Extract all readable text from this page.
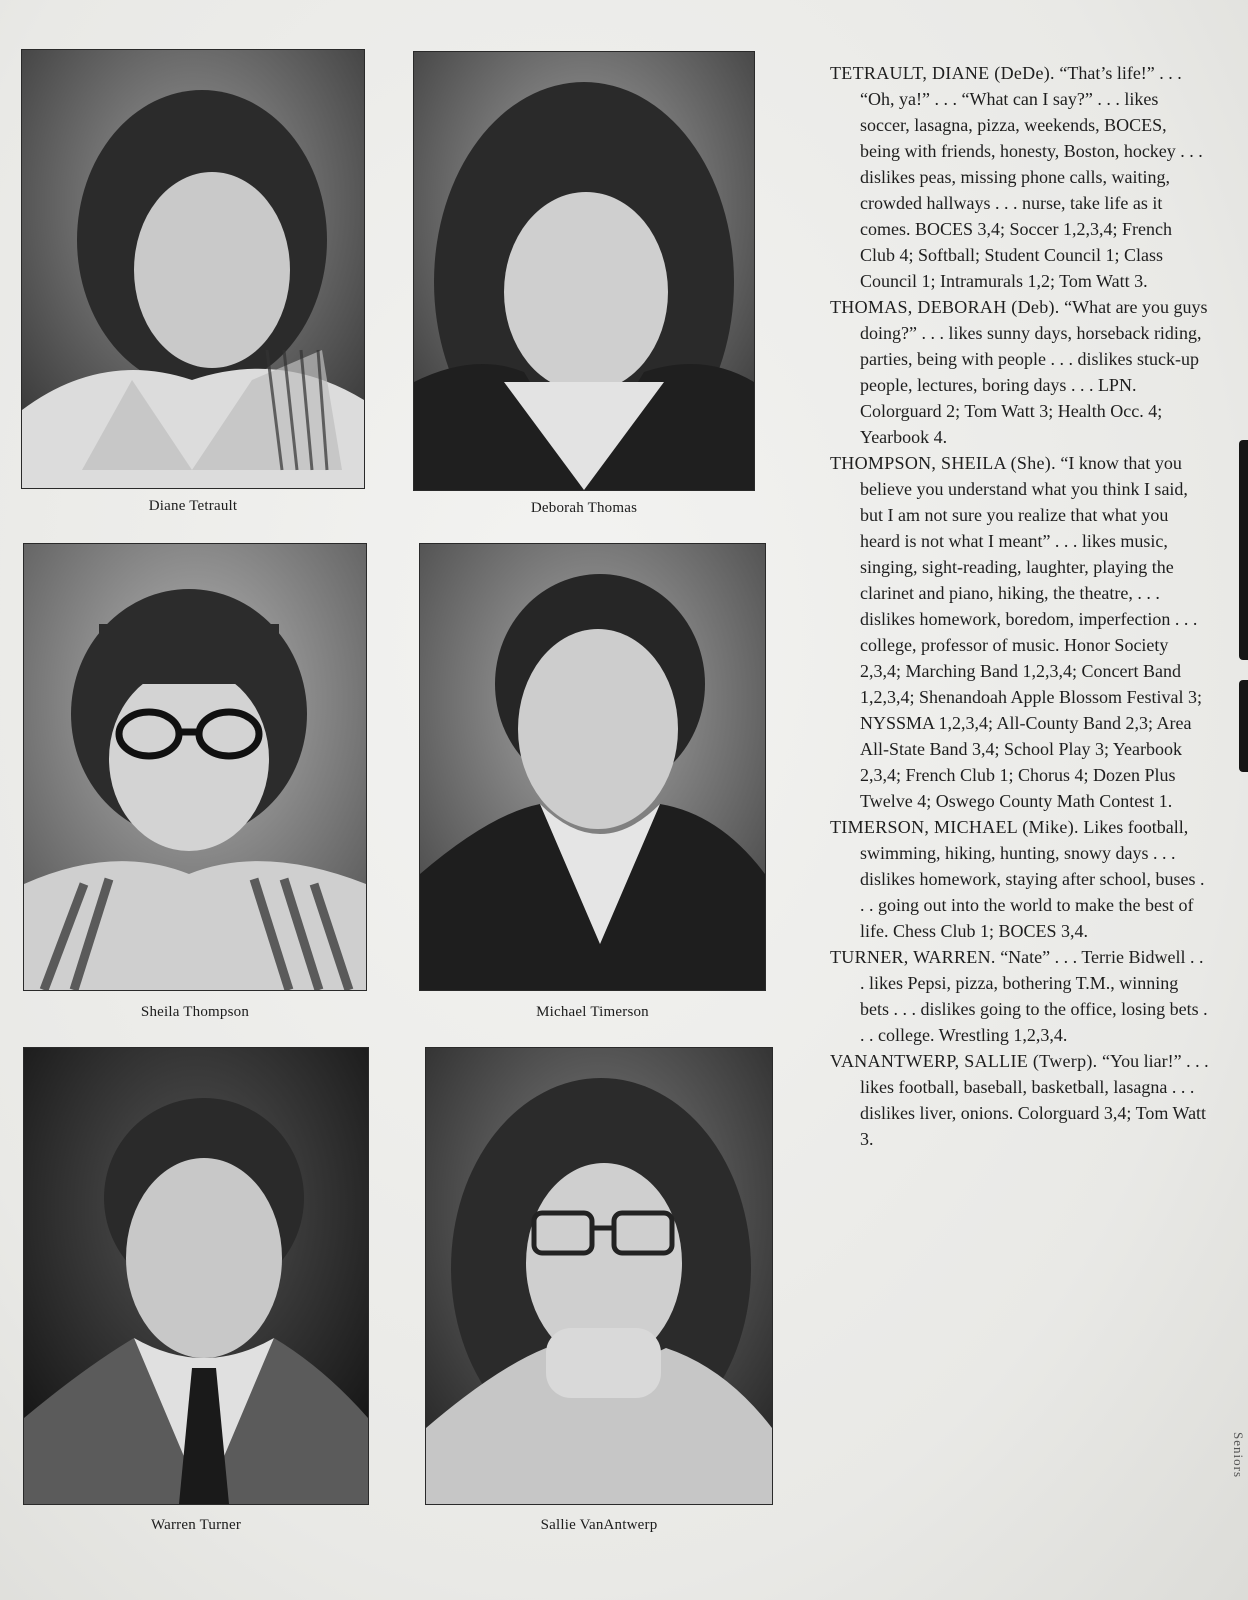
Diane Tetrault	Deborah Thomas
Sheila Thompson	Michael Timerson
Warren Turner	Sallie VanAntwerp

TETRAULT, DIANE (DeDe). “That’s life!” . . . “Oh, ya!” . . . “What can I say?” . . . likes soccer, lasagna, pizza, weekends, BOCES, being with friends, honesty, Boston, hockey . . . dislikes peas, missing phone calls, waiting, crowded hallways . . . nurse, take life as it comes. BOCES 3,4; Soccer 1,2,3,4; French Club 4; Softball; Student Council 1; Class Council 1; Intramurals 1,2; Tom Watt 3.

THOMAS, DEBORAH (Deb). “What are you guys doing?” . . . likes sunny days, horseback riding, parties, being with people . . . dislikes stuck-up people, lectures, boring days . . . LPN. Colorguard 2; Tom Watt 3; Health Occ. 4; Yearbook 4.

THOMPSON, SHEILA (She). “I know that you believe you understand what you think I said, but I am not sure you realize that what you heard is not what I meant” . . . likes music, singing, sight-reading, laughter, playing the clarinet and piano, hiking, the theatre, . . . dislikes homework, boredom, imperfection . . . college, professor of music. Honor Society 2,3,4; Marching Band 1,2,3,4; Concert Band 1,2,3,4; Shenandoah Apple Blossom Festival 3; NYSSMA 1,2,3,4; All-County Band 2,3; Area All-State Band 3,4; School Play 3; Yearbook 2,3,4; French Club 1; Chorus 4; Dozen Plus Twelve 4; Oswego County Math Contest 1.

TIMERSON, MICHAEL (Mike). Likes football, swimming, hiking, hunting, snowy days . . . dislikes homework, staying after school, buses . . . going out into the world to make the best of life. Chess Club 1; BOCES 3,4.

TURNER, WARREN. “Nate” . . . Terrie Bidwell . . . likes Pepsi, pizza, bothering T.M., winning bets . . . dislikes going to the office, losing bets . . . college. Wrestling 1,2,3,4.

VANANTWERP, SALLIE (Twerp). “You liar!” . . . likes football, baseball, basketball, lasagna . . . dislikes liver, onions. Colorguard 3,4; Tom Watt 3.

Seniors
